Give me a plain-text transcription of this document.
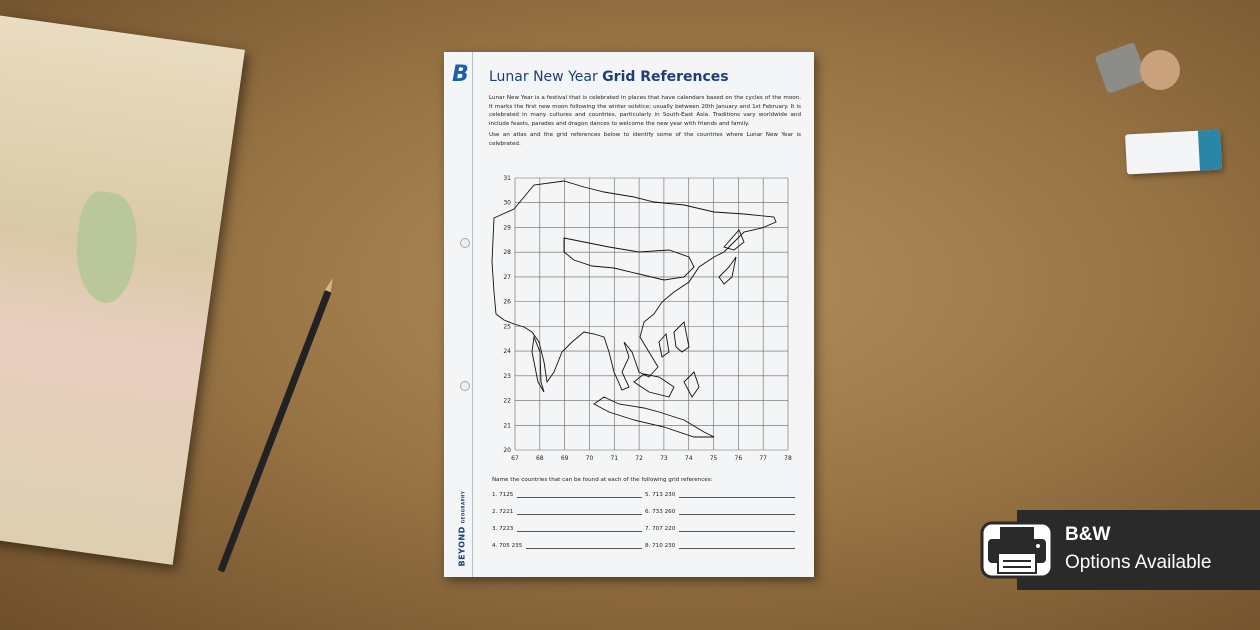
B
BEYONDGEOGRAPHY
Lunar New Year Grid References

Lunar New Year is a festival that is celebrated in places that have calendars based on the cycles of the moon. It marks the first new moon following the winter solstice; usually between 20th January and 1st February. It is celebrated in many cultures and countries, particularly in South-East Asia. Traditions vary worldwide and include feasts, parades and dragon dances to welcome the new year with friends and family.

Use an atlas and the grid references below to identify some of the countries where Lunar New Year is celebrated.

67	68	69	70	71	72	73	74	75	76	77	78
31
30
29
28
27
26
25
24
23
22
21
20
Name the countries that can be found at each of the following grid references:
1. 7125
2. 7221
3. 7223
4. 705 235
5. 713 230
6. 733 260
7. 707 220
8. 710 230
B&W
Options Available
